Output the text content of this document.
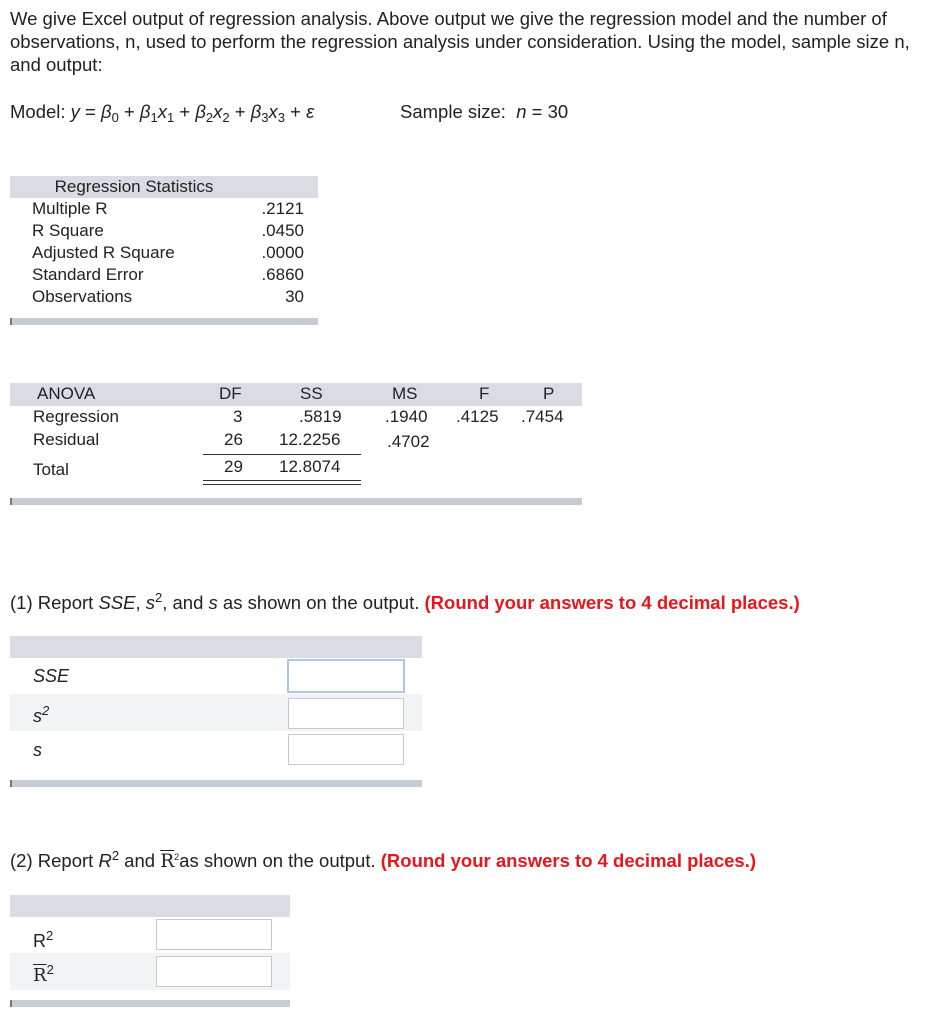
We give Excel output of regression analysis. Above output we give the regression model and the number of observations, n, used to perform the regression analysis under consideration. Using the model, sample size n, and output:

Model: $y = \beta_0 + \beta_1x_1 + \beta_2x_2 + \beta_3x_3 + \varepsilon$	Sample size: n = 30
Regression Statistics
Multiple R	.2121
R Square	.0450
Adjusted R Square	.0000
Standard Error	.6860
Observations	30
ANOVA	DF	SS	MS	F	P
Regression	3	.5819	.1940 .4125 .7454
Residual	26 12.2256	.4702
Total	29 12.8074
(1) Report SSE, $s^2$, and s as shown on the output. (Round your answers to 4 decimal places.)
SSE
$s^2$
s
(2) Report $R^2$ and $\overline{R}^2as$ shown on the output. (Round your answers to 4 decimal places.)
$R^2$
$\overline{R}^2$
